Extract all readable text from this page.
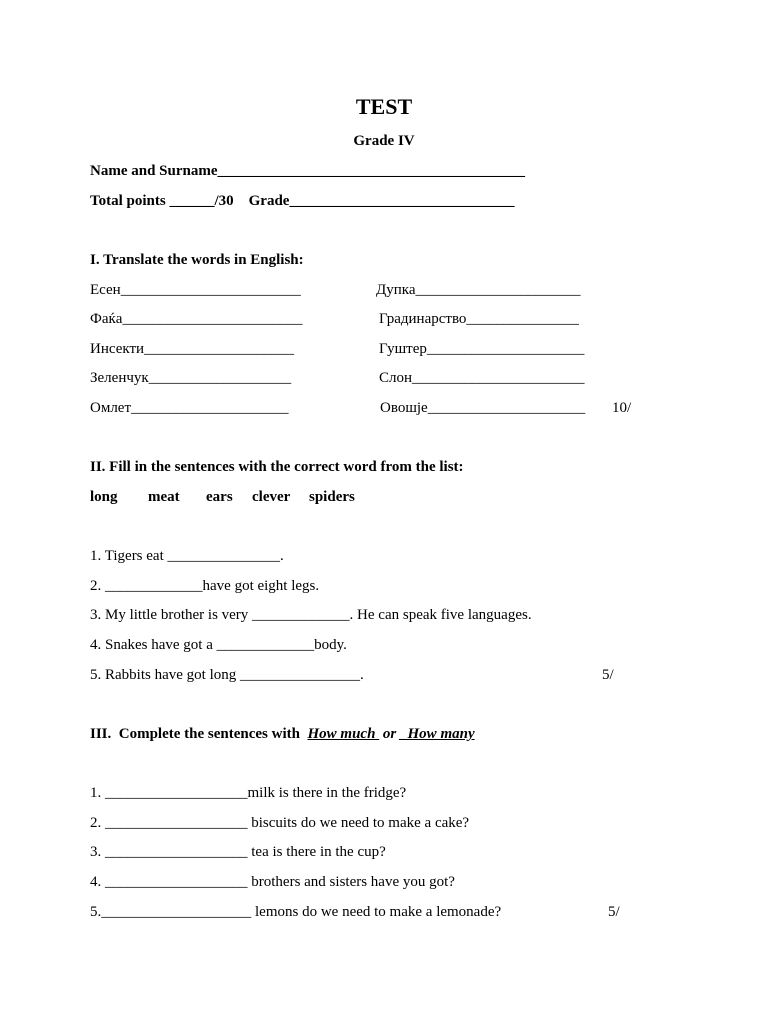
TEST
Grade IV
Name and Surname_________________________________________
Total points ______/30    Grade______________________________
I. Translate the words in English:
Есен________________________	Дупка______________________
Фаќа________________________	Градинарство_______________
Инсекти____________________	Гуштер_____________________
Зеленчук___________________	Слон_______________________
Омлет_____________________	Овошје_____________________ 10/
II. Fill in the sentences with the correct word from the list:
long meat ears clever spiders
1. Tigers eat _______________.
2. _____________have got eight legs.
3. My little brother is very _____________. He can speak five languages.
4. Snakes have got a _____________body.
5. Rabbits have got long ________________.	5/
III.  Complete the sentences with  How much  or _How many
1. ___________________milk is there in the fridge?
2. ___________________ biscuits do we need to make a cake?
3. ___________________ tea is there in the cup?
4. ___________________ brothers and sisters have you got?
5.____________________ lemons do we need to make a lemonade?	5/
